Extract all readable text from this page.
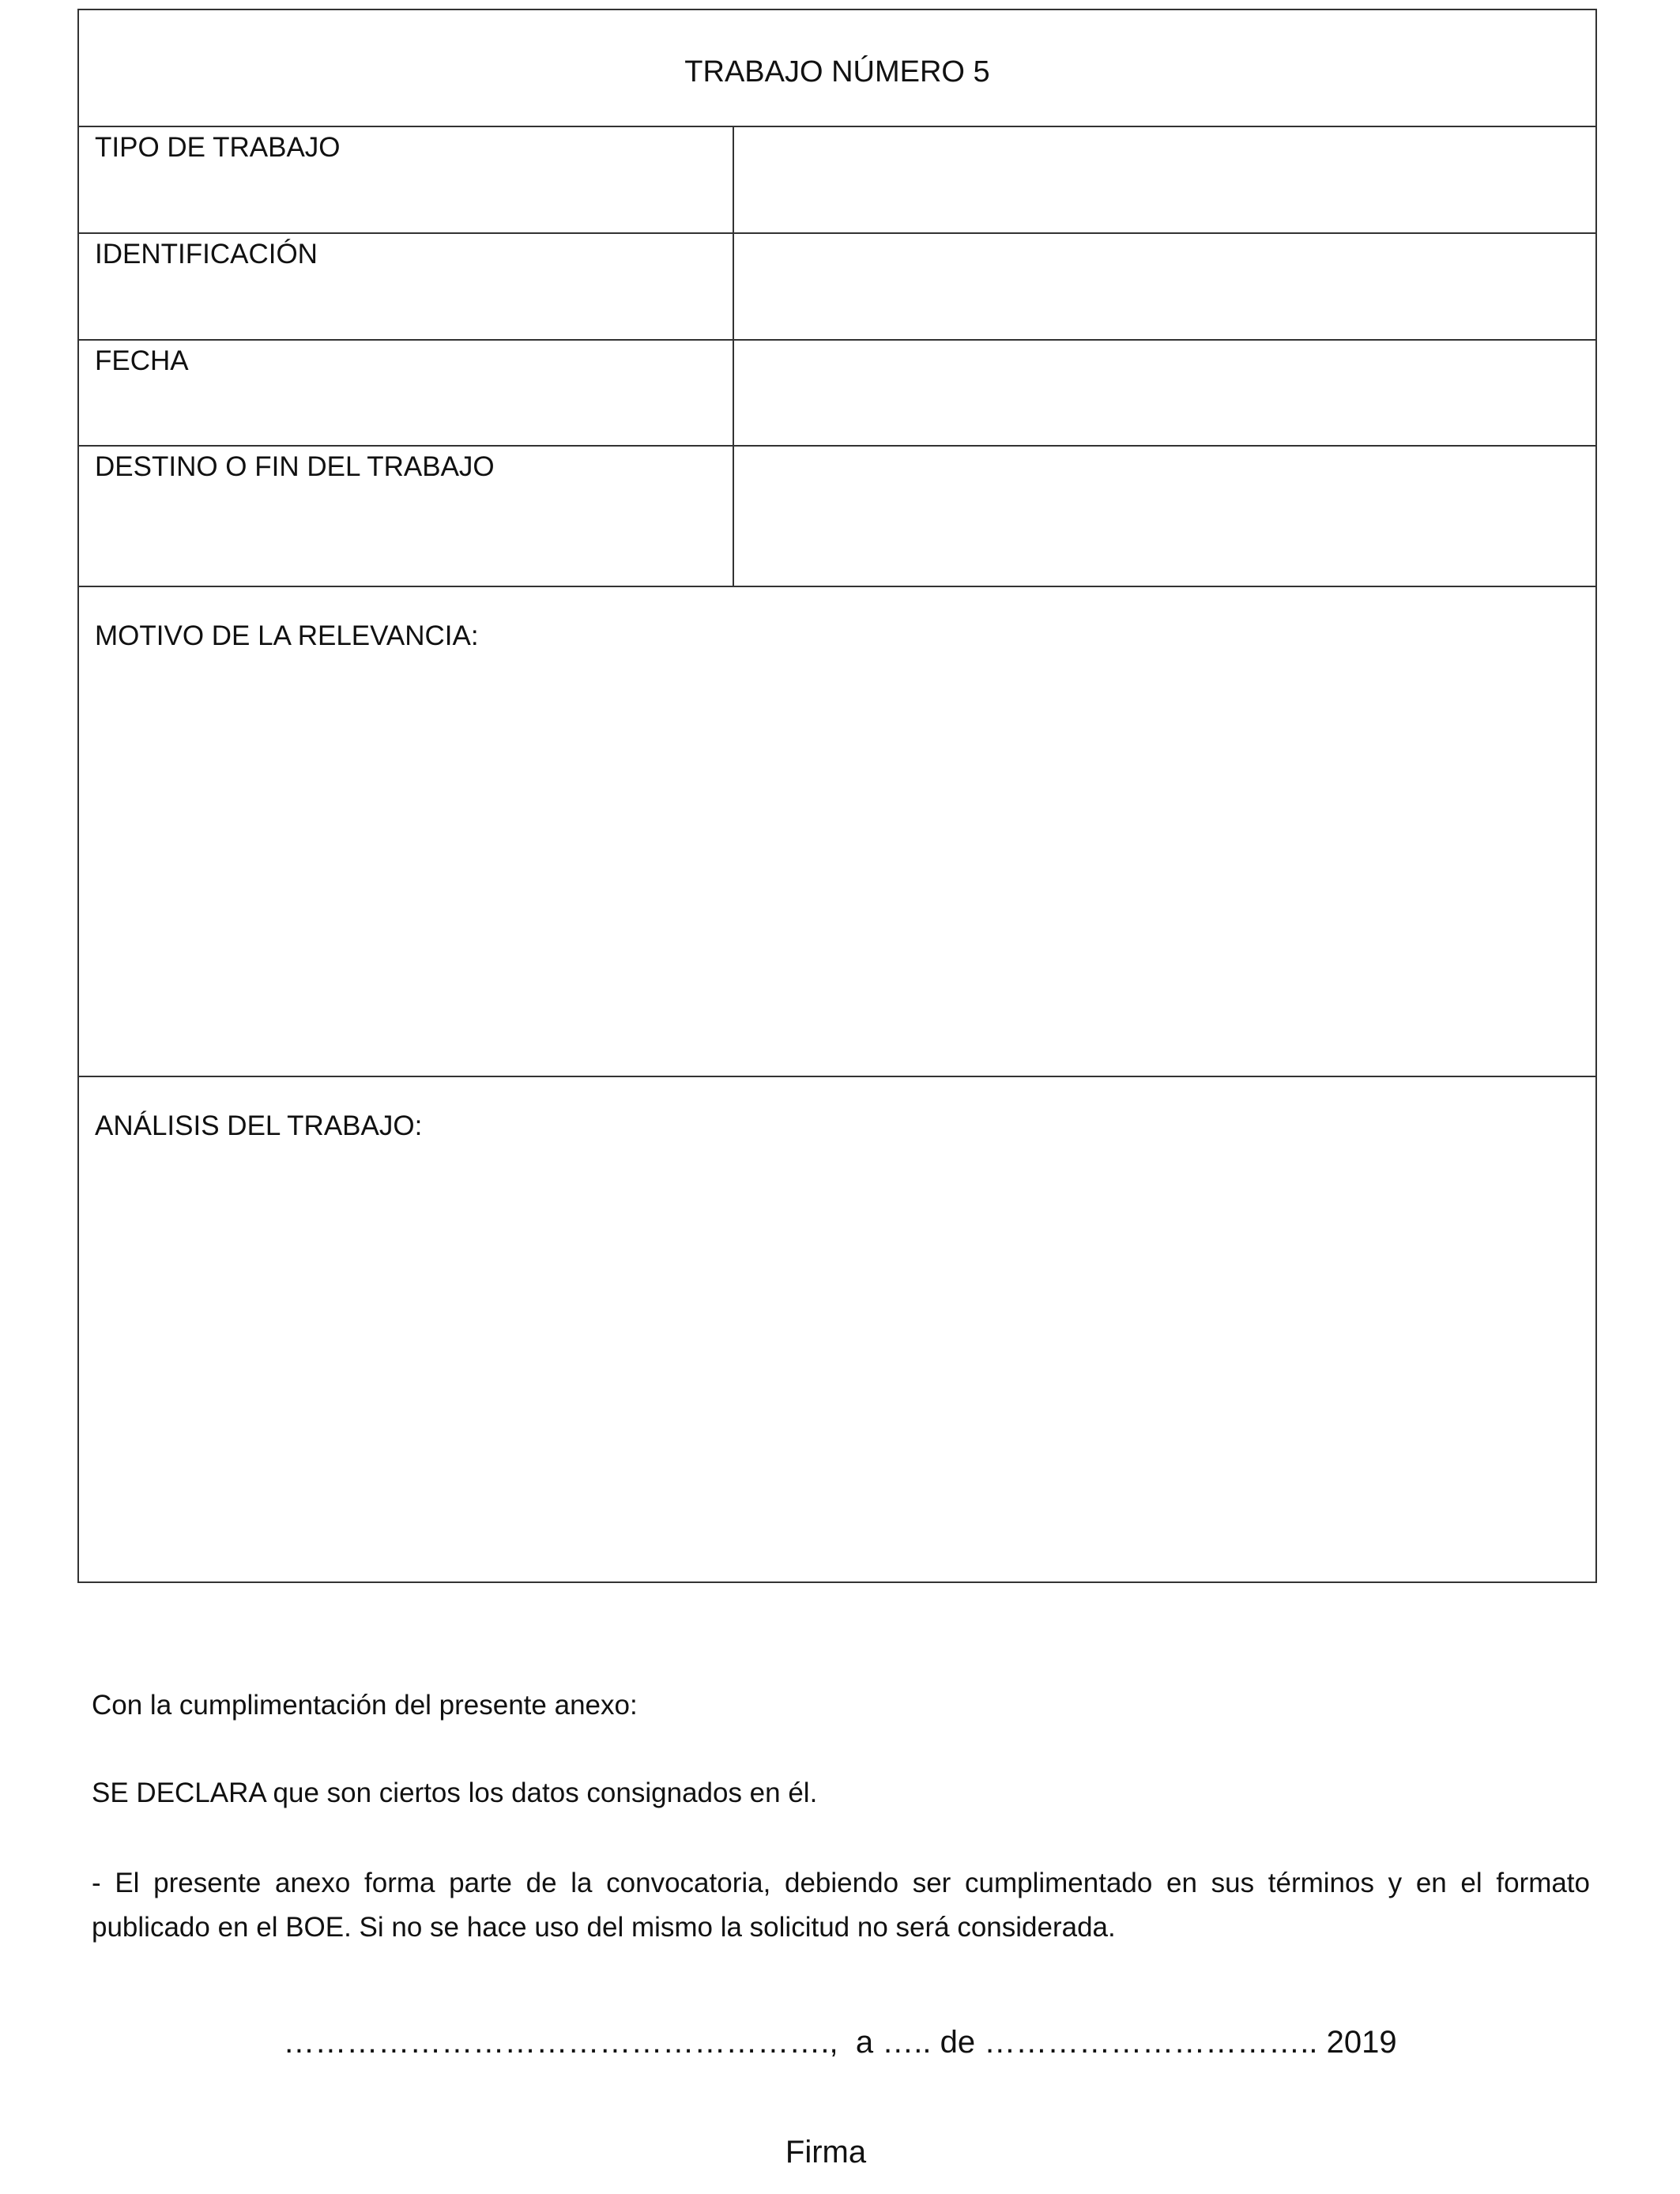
TRABAJO NÚMERO 5
TIPO DE TRABAJO
IDENTIFICACIÓN
FECHA
DESTINO O FIN DEL TRABAJO
MOTIVO DE LA RELEVANCIA:
ANÁLISIS DEL TRABAJO:
Con la cumplimentación del presente anexo:
SE DECLARA que son ciertos los datos consignados en él.
- El presente anexo forma parte de la convocatoria, debiendo ser cumplimentado en sus términos y en el formato publicado en el BOE. Si no se hace uso del mismo la solicitud no será considerada.
……………………………………………., a ….. de ………………………….. 2019
Firma
